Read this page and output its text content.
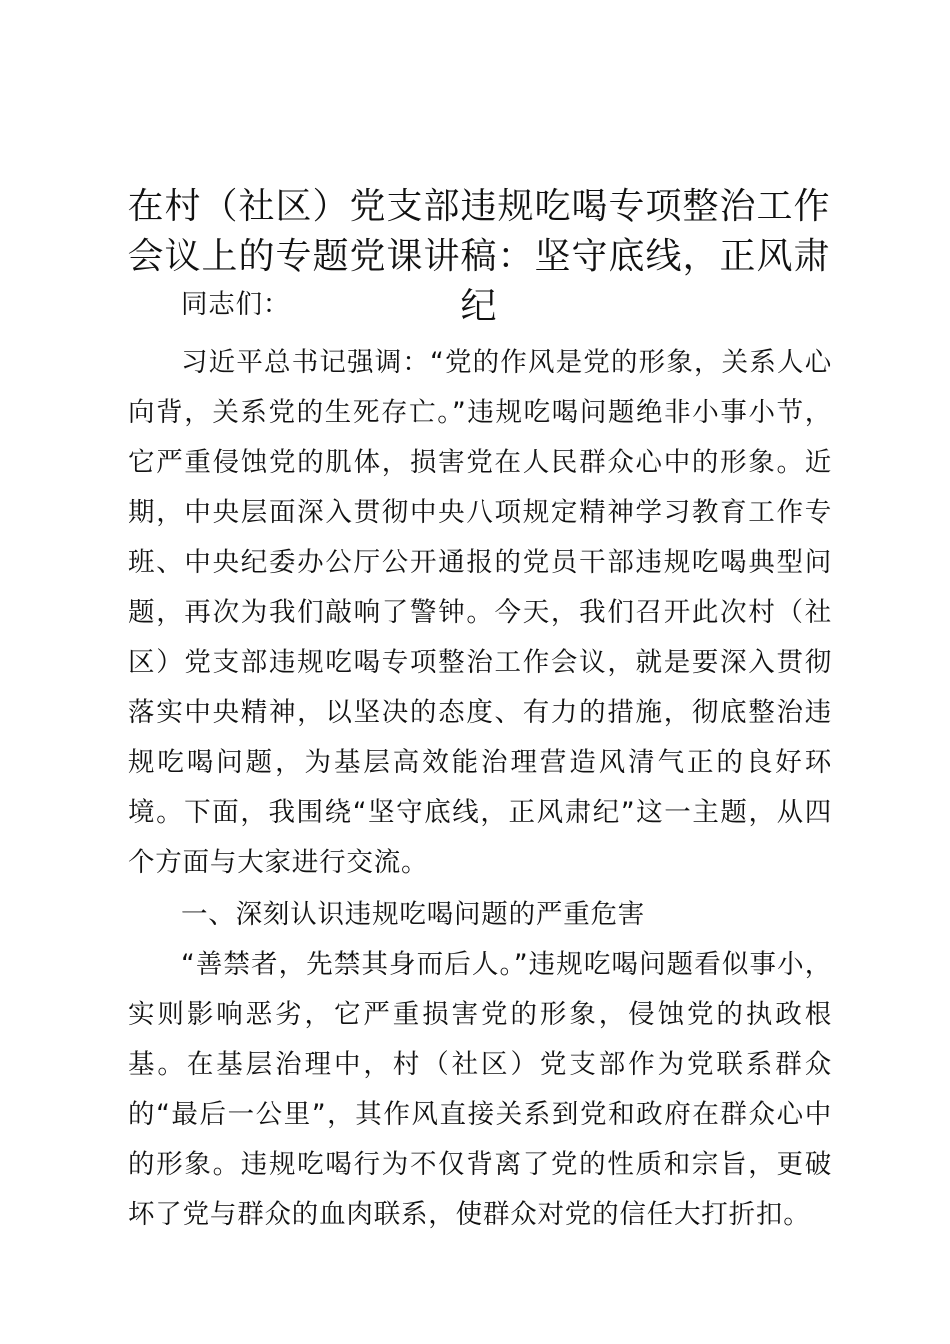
在村（社区）党支部违规吃喝专项整治工作会议上的专题党课讲稿：坚守底线，正风肃纪

同志们：

习近平总书记强调：“党的作风是党的形象，关系人心向背，关系党的生死存亡。”违规吃喝问题绝非小事小节，它严重侵蚀党的肌体，损害党在人民群众心中的形象。近期，中央层面深入贯彻中央八项规定精神学习教育工作专班、中央纪委办公厅公开通报的党员干部违规吃喝典型问题，再次为我们敲响了警钟。今天，我们召开此次村（社区）党支部违规吃喝专项整治工作会议，就是要深入贯彻落实中央精神，以坚决的态度、有力的措施，彻底整治违规吃喝问题，为基层高效能治理营造风清气正的良好环境。下面，我围绕“坚守底线，正风肃纪”这一主题，从四个方面与大家进行交流。

一、深刻认识违规吃喝问题的严重危害

“善禁者，先禁其身而后人。”违规吃喝问题看似事小，实则影响恶劣，它严重损害党的形象，侵蚀党的执政根基。在基层治理中，村（社区）党支部作为党联系群众的“最后一公里”，其作风直接关系到党和政府在群众心中的形象。违规吃喝行为不仅背离了党的性质和宗旨，更破坏了党与群众的血肉联系，使群众对党的信任大打折扣。
